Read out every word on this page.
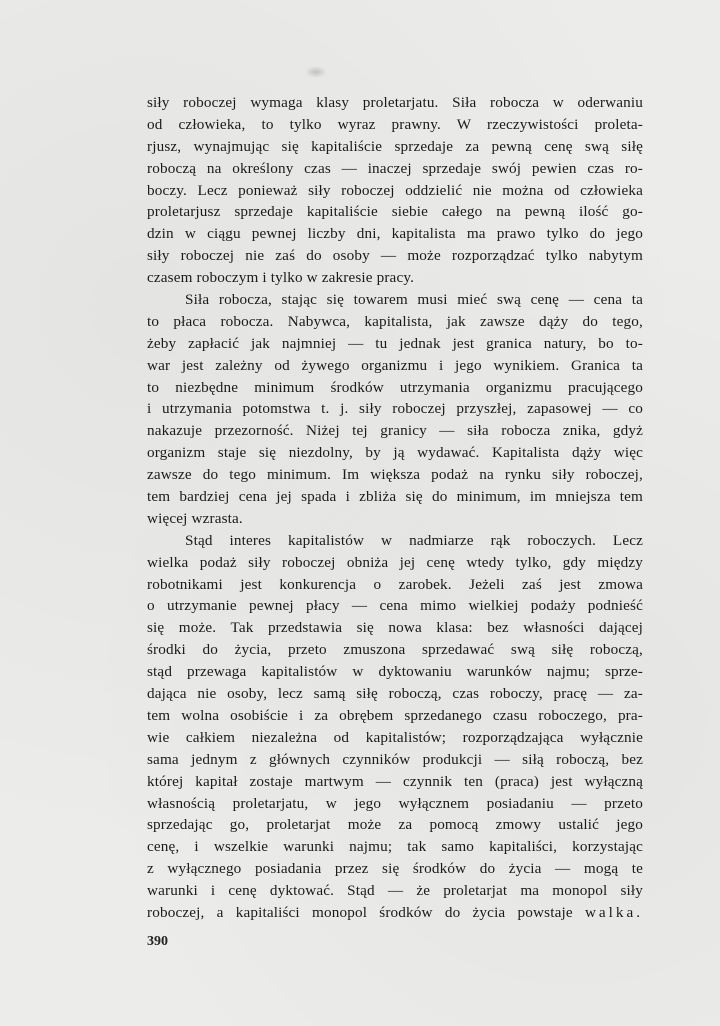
siły roboczej wymaga klasy proletarjatu. Siła robocza w oderwaniu
od człowieka, to tylko wyraz prawny. W rzeczywistości proleta-
rjusz, wynajmując się kapitaliście sprzedaje za pewną cenę swą siłę
roboczą na określony czas — inaczej sprzedaje swój pewien czas ro-
boczy. Lecz ponieważ siły roboczej oddzielić nie można od człowieka
proletarjusz sprzedaje kapitaliście siebie całego na pewną ilość go-
dzin w ciągu pewnej liczby dni, kapitalista ma prawo tylko do jego
siły roboczej nie zaś do osoby — może rozporządzać tylko nabytym
czasem roboczym i tylko w zakresie pracy.
Siła robocza, stając się towarem musi mieć swą cenę — cena ta
to płaca robocza. Nabywca, kapitalista, jak zawsze dąży do tego,
żeby zapłacić jak najmniej — tu jednak jest granica natury, bo to-
war jest zależny od żywego organizmu i jego wynikiem. Granica ta
to niezbędne minimum środków utrzymania organizmu pracującego
i utrzymania potomstwa t. j. siły roboczej przyszłej, zapasowej — co
nakazuje przezorność. Niżej tej granicy — siła robocza znika, gdyż
organizm staje się niezdolny, by ją wydawać. Kapitalista dąży więc
zawsze do tego minimum. Im większa podaż na rynku siły roboczej,
tem bardziej cena jej spada i zbliża się do minimum, im mniejsza tem
więcej wzrasta.
Stąd interes kapitalistów w nadmiarze rąk roboczych. Lecz
wielka podaż siły roboczej obniża jej cenę wtedy tylko, gdy między
robotnikami jest konkurencja o zarobek. Jeżeli zaś jest zmowa
o utrzymanie pewnej płacy — cena mimo wielkiej podaży podnieść
się może. Tak przedstawia się nowa klasa: bez własności dającej
środki do życia, przeto zmuszona sprzedawać swą siłę roboczą,
stąd przewaga kapitalistów w dyktowaniu warunków najmu; sprze-
dająca nie osoby, lecz samą siłę roboczą, czas roboczy, pracę — za-
tem wolna osobiście i za obrębem sprzedanego czasu roboczego, pra-
wie całkiem niezależna od kapitalistów; rozporządzająca wyłącznie
sama jednym z głównych czynników produkcji — siłą roboczą, bez
której kapitał zostaje martwym — czynnik ten (praca) jest wyłączną
własnością proletarjatu, w jego wyłącznem posiadaniu — przeto
sprzedając go, proletarjat może za pomocą zmowy ustalić jego
cenę, i wszelkie warunki najmu; tak samo kapitaliści, korzystając
z wyłącznego posiadania przez się środków do życia — mogą te
warunki i cenę dyktować. Stąd — że proletarjat ma monopol siły
roboczej, a kapitaliści monopol środków do życia powstaje walka.
390
